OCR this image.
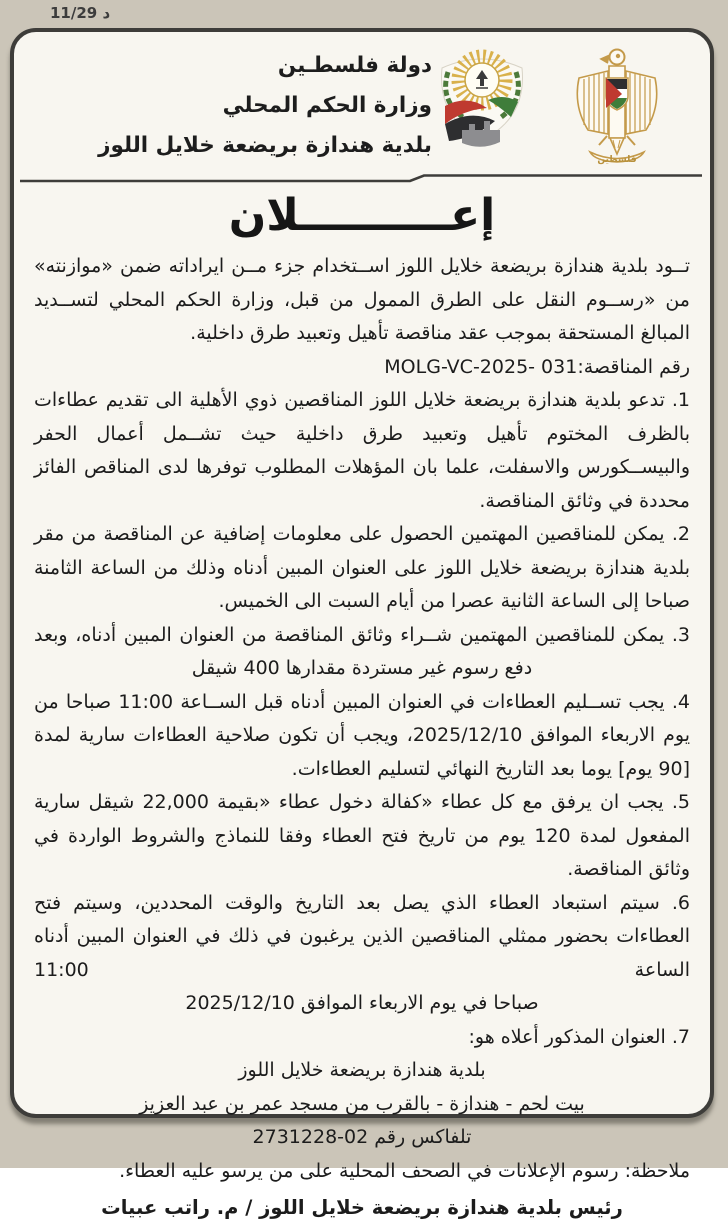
11/29 د
دولة فلسطـين
وزارة الحكم المحلي
بلدية هندازة بريضعة خلايل اللوز
فلسطين
إعــــــــــلان

تــود بلدية هندازة بريضعة خلايل اللوز اســتخدام جزء مــن ايراداته ضمن «موازنته» من «رســوم النقل على الطرق الممول من قبل، وزارة الحكم المحلي لتســديد المبالغ المستحقة بموجب عقد مناقصة تأهيل وتعبيد طرق داخلية.

رقم المناقصة:MOLG-VC-2025- 031

1. تدعو بلدية هندازة بريضعة خلايل اللوز المناقصين ذوي الأهلية الى تقديم عطاءات بالظرف المختوم تأهيل وتعبيد طرق داخلية حيث تشــمل أعمال الحفر والبيســكورس والاسفلت، علما بان المؤهلات المطلوب توفرها لدى المناقص الفائز محددة في وثائق المناقصة.

2. يمكن للمناقصين المهتمين الحصول على معلومات إضافية عن المناقصة من مقر بلدية هندازة بريضعة خلايل اللوز على العنوان المبين أدناه وذلك من الساعة الثامنة صباحا إلى الساعة الثانية عصرا من أيام السبت الى الخميس.

3. يمكن للمناقصين المهتمين شــراء وثائق المناقصة من العنوان المبين أدناه، وبعد

دفع رسوم غير مستردة مقدارها 400 شيقل

4. يجب تســليم العطاءات في العنوان المبين أدناه قبل الســاعة 11:00 صباحا من يوم الاربعاء الموافق 2025/12/10، ويجب أن تكون صلاحية العطاءات سارية لمدة [90 يوم] يوما بعد التاريخ النهائي لتسليم العطاءات.

5. يجب ان يرفق مع كل عطاء «كفالة دخول عطاء «بقيمة 22,000 شيقل سارية المفعول لمدة 120 يوم من تاريخ فتح العطاء وفقا للنماذج والشروط الواردة في وثائق المناقصة.

6. سيتم استبعاد العطاء الذي يصل بعد التاريخ والوقت المحددين، وسيتم فتح العطاءات بحضور ممثلي المناقصين الذين يرغبون في ذلك في العنوان المبين أدناه الساعة 11:00

صباحا في يوم الاربعاء الموافق 2025/12/10

7. العنوان المذكور أعلاه هو:

بلدية هندازة بريضعة خلايل اللوز

بيت لحم - هندازة - بالقرب من مسجد عمر بن عبد العزيز

تلفاكس رقم 02-2731228

ملاحظة: رسوم الإعلانات في الصحف المحلية على من يرسو عليه العطاء.

رئيس بلدية هندازة بريضعة خلايل اللوز / م. راتب عبيات
